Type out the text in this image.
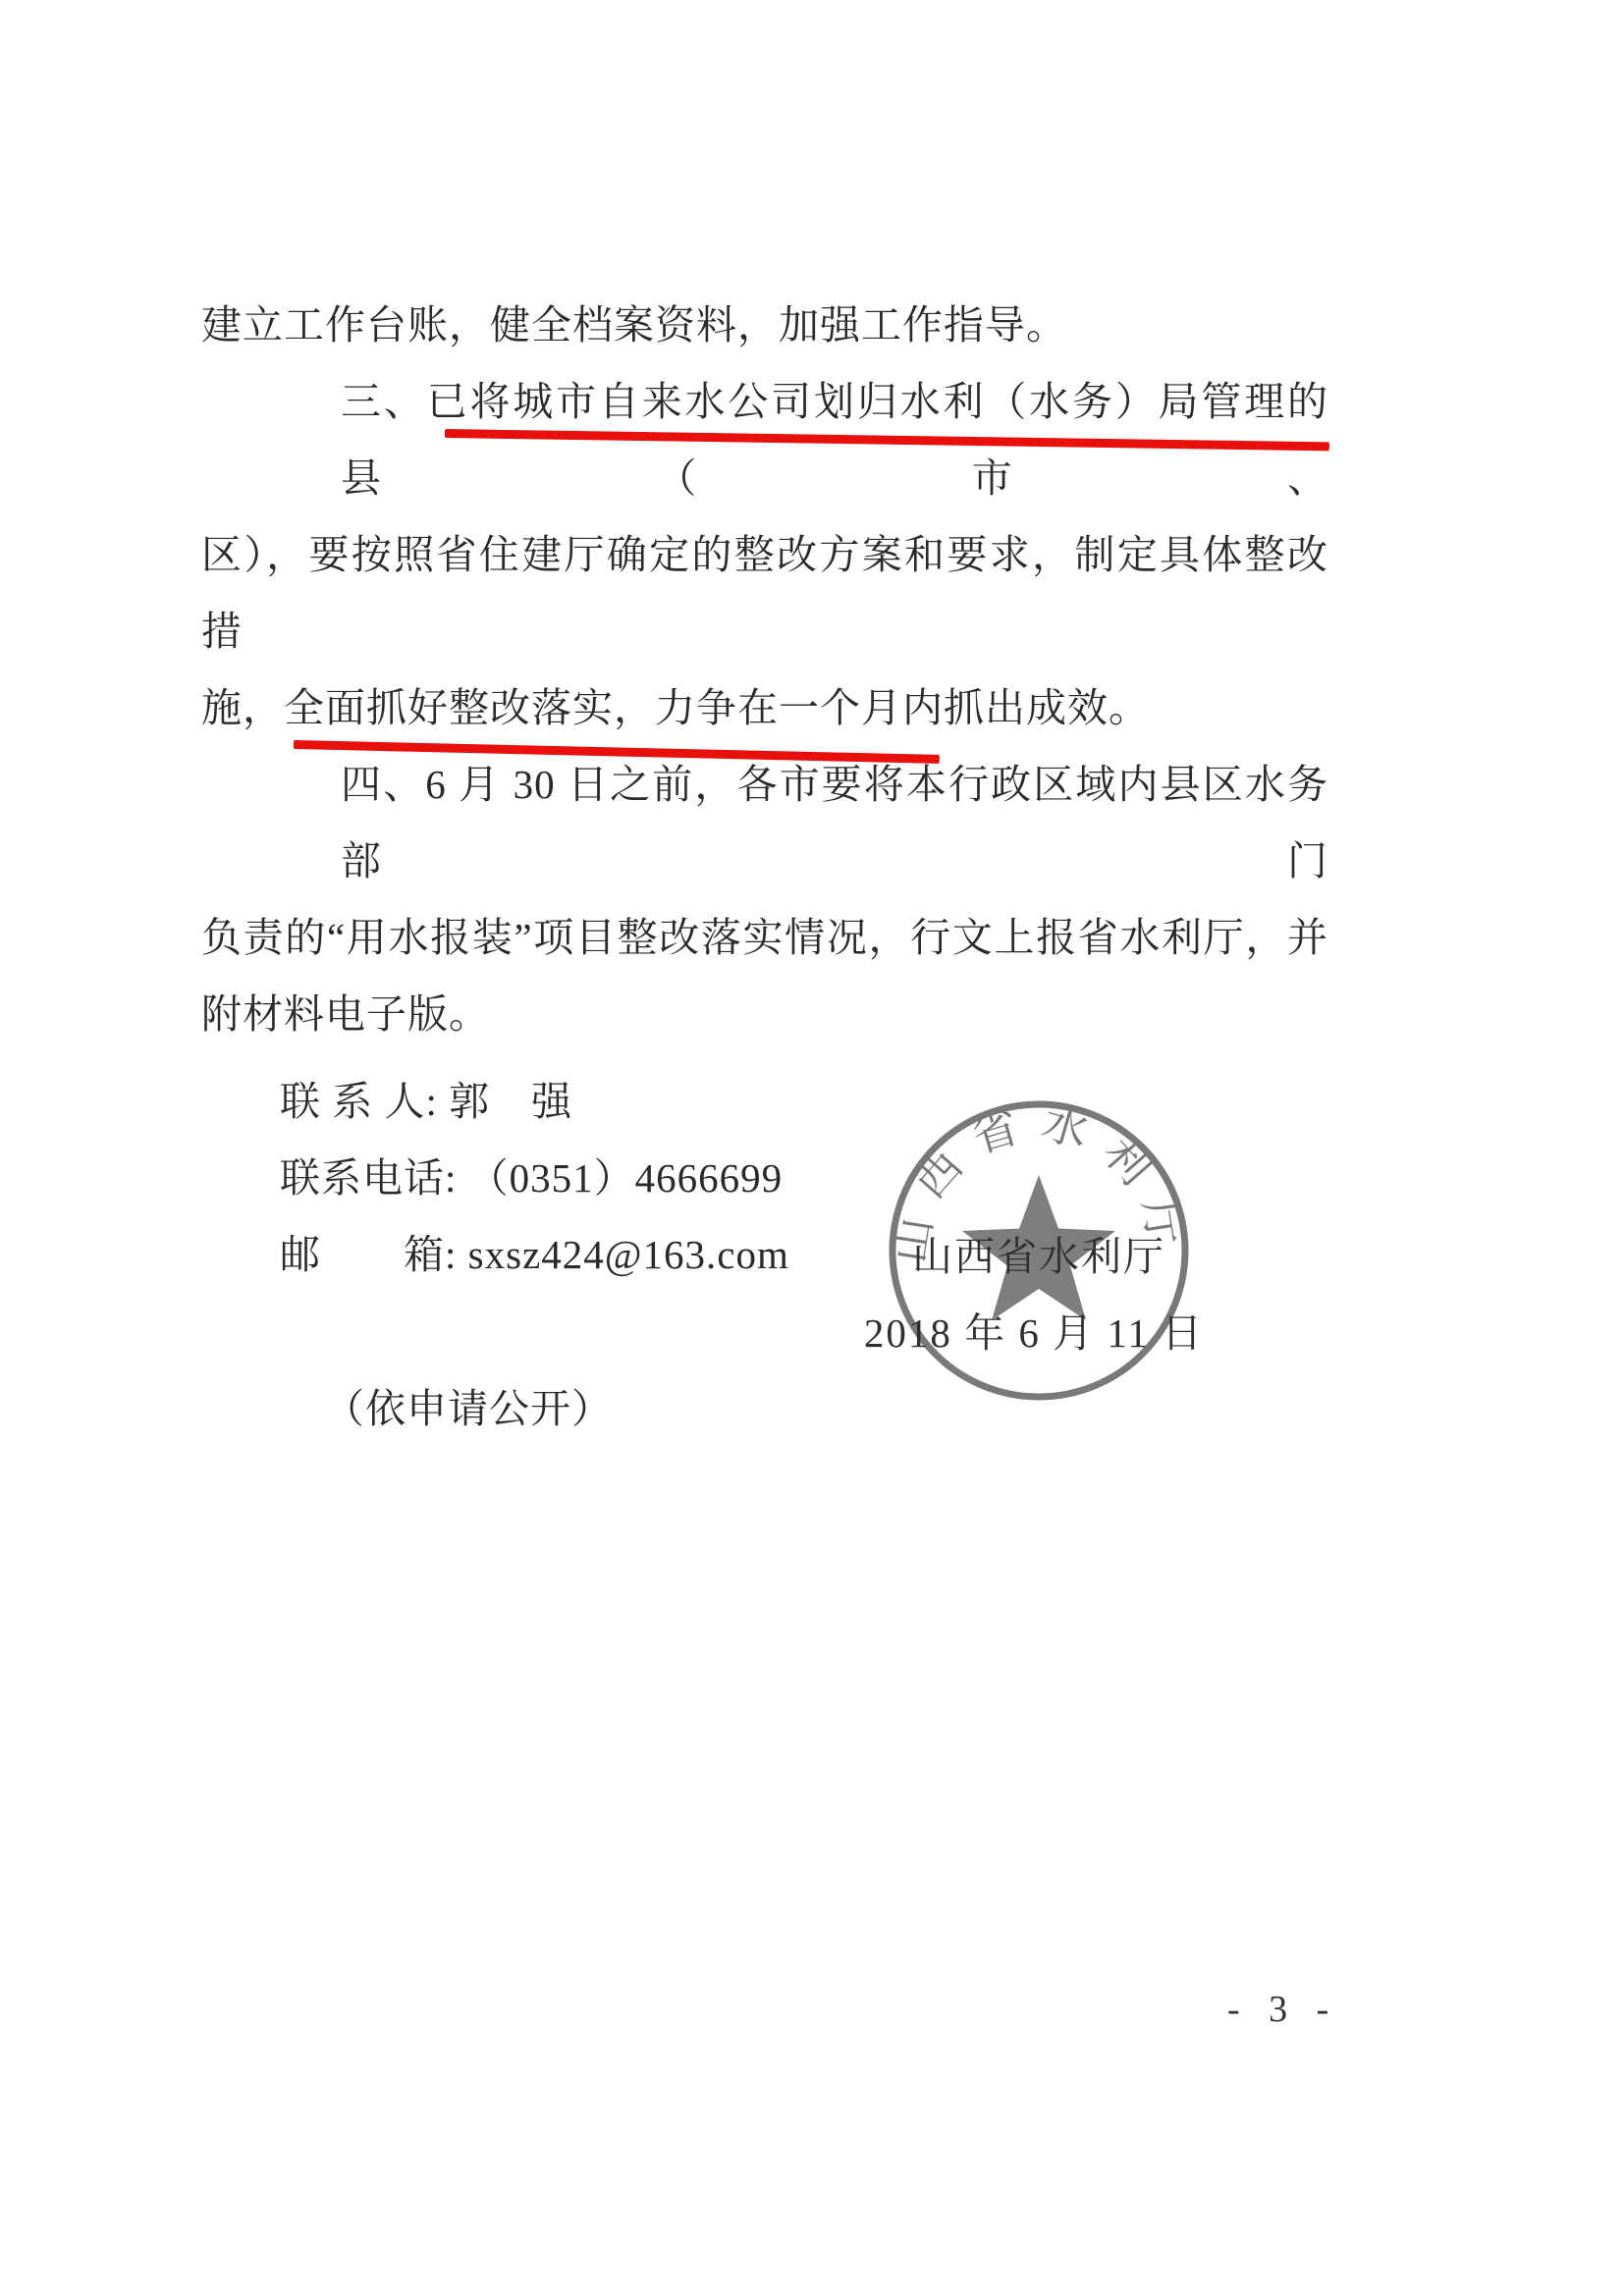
建立工作台账，健全档案资料，加强工作指导。
三、已将城市自来水公司划归水利（水务）局管理的县（市、
区），要按照省住建厅确定的整改方案和要求，制定具体整改措
施，全面抓好整改落实，力争在一个月内抓出成效。
四、6 月 30 日之前，各市要将本行政区域内县区水务部门
负责的“用水报装”项目整改落实情况，行文上报省水利厅，并
附材料电子版。
联 系 人: 郭　强
联系电话: （0351）4666699
邮　　箱: sxsz424@163.com	山西省水利厅
山西省水利厅
2018 年 6 月 11 日
（依申请公开）
- 3 -
